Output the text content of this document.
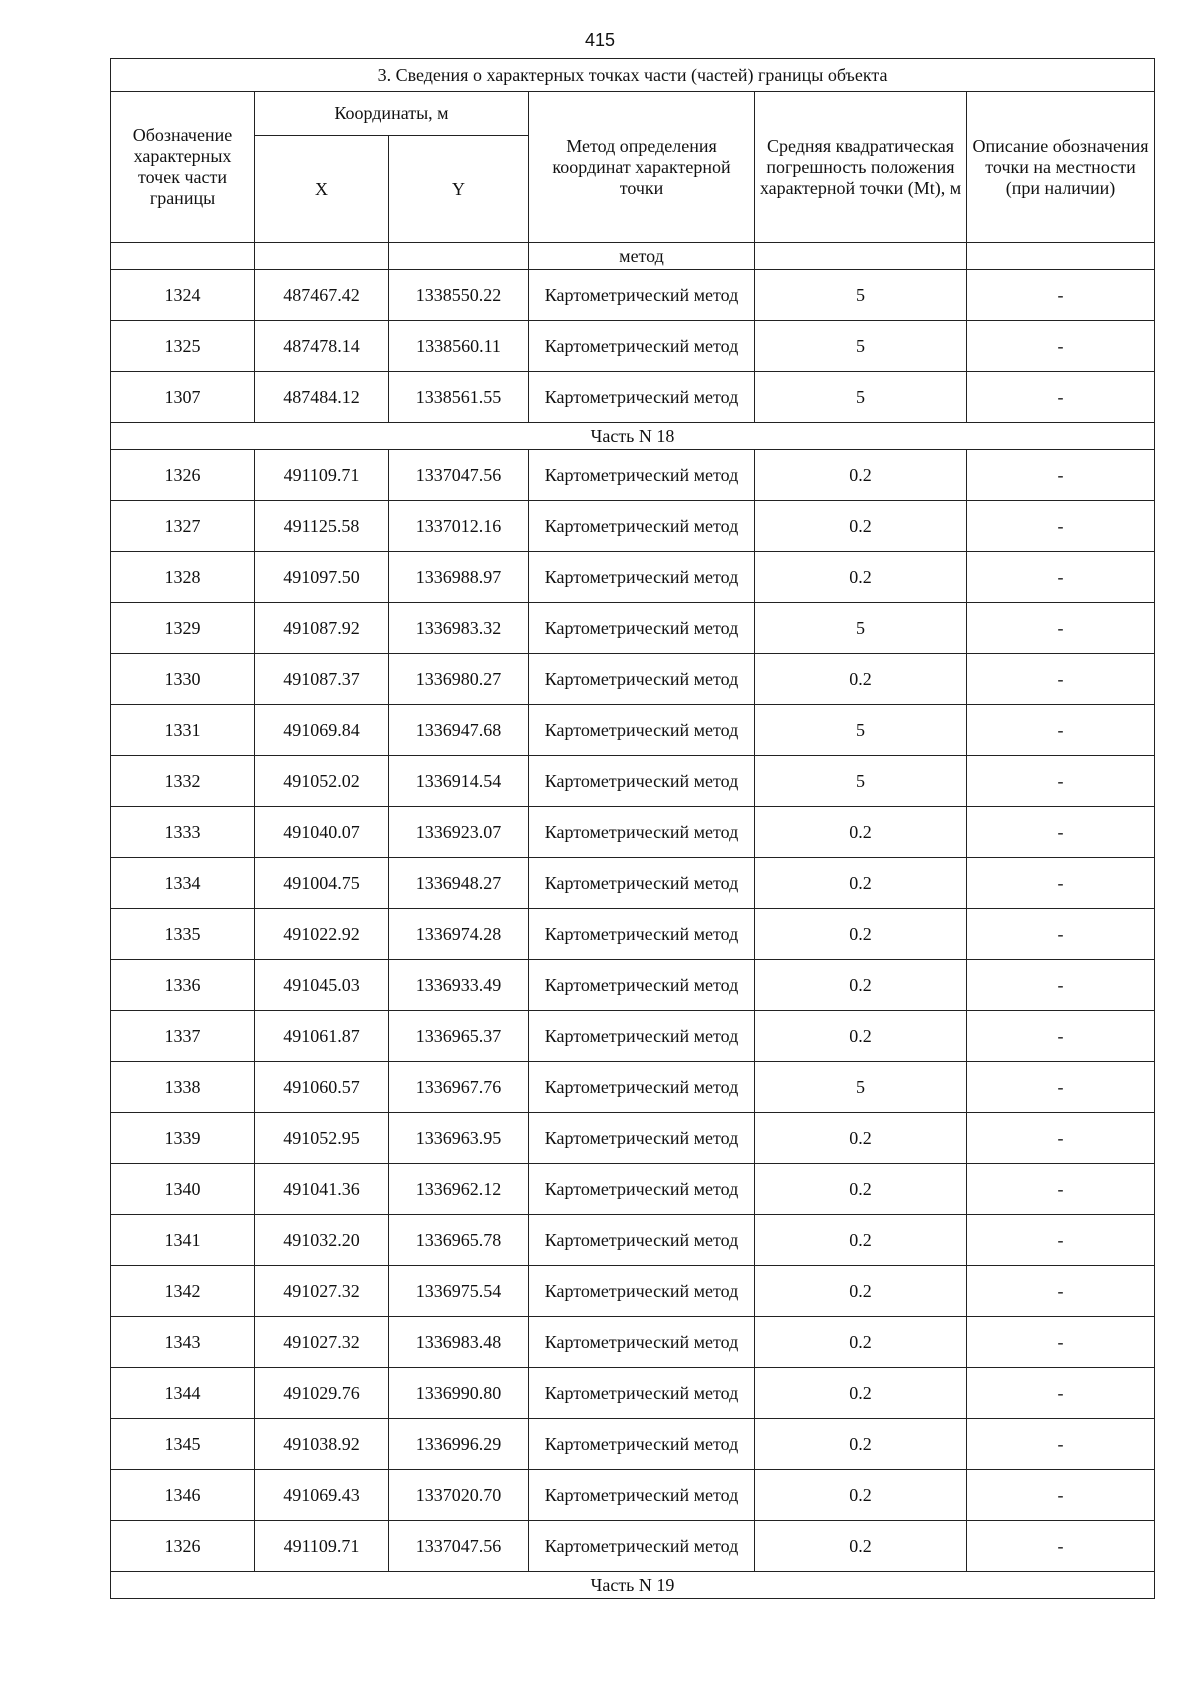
415
3. Сведения о характерных точках части (частей) границы объекта					
Обозначение характерных точек части границы	Координаты, м		Метод определения координат характерной точки	Средняя квадратическая погрешность положения характерной точки (Mt), м	Описание обозначения точки на местности (при наличии)
	X	Y			
			метод		
1324	487467.42	1338550.22	Картометрический метод	5	-
1325	487478.14	1338560.11	Картометрический метод	5	-
1307	487484.12	1338561.55	Картометрический метод	5	-
Часть N 18					
1326	491109.71	1337047.56	Картометрический метод	0.2	-
1327	491125.58	1337012.16	Картометрический метод	0.2	-
1328	491097.50	1336988.97	Картометрический метод	0.2	-
1329	491087.92	1336983.32	Картометрический метод	5	-
1330	491087.37	1336980.27	Картометрический метод	0.2	-
1331	491069.84	1336947.68	Картометрический метод	5	-
1332	491052.02	1336914.54	Картометрический метод	5	-
1333	491040.07	1336923.07	Картометрический метод	0.2	-
1334	491004.75	1336948.27	Картометрический метод	0.2	-
1335	491022.92	1336974.28	Картометрический метод	0.2	-
1336	491045.03	1336933.49	Картометрический метод	0.2	-
1337	491061.87	1336965.37	Картометрический метод	0.2	-
1338	491060.57	1336967.76	Картометрический метод	5	-
1339	491052.95	1336963.95	Картометрический метод	0.2	-
1340	491041.36	1336962.12	Картометрический метод	0.2	-
1341	491032.20	1336965.78	Картометрический метод	0.2	-
1342	491027.32	1336975.54	Картометрический метод	0.2	-
1343	491027.32	1336983.48	Картометрический метод	0.2	-
1344	491029.76	1336990.80	Картометрический метод	0.2	-
1345	491038.92	1336996.29	Картометрический метод	0.2	-
1346	491069.43	1337020.70	Картометрический метод	0.2	-
1326	491109.71	1337047.56	Картометрический метод	0.2	-
Часть N 19					
